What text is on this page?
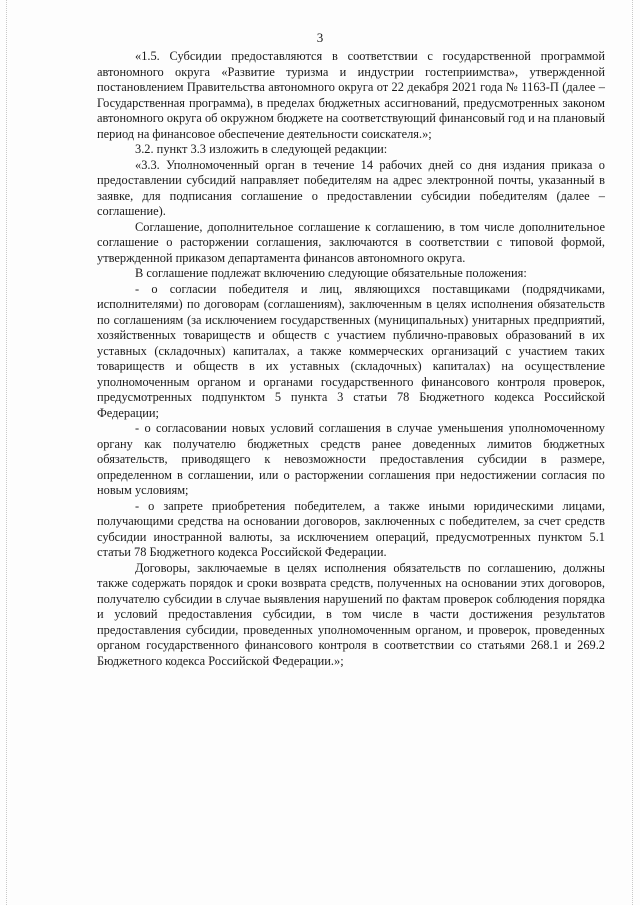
3

«1.5. Субсидии предоставляются в соответствии с государственной программой автономного округа «Развитие туризма и индустрии гостеприимства», утвержденной постановлением Правительства автономного округа от 22 декабря 2021 года № 1163-П (далее – Государственная программа), в пределах бюджетных ассигнований, предусмотренных законом автономного округа об окружном бюджете на соответствующий финансовый год и на плановый период на финансовое обеспечение деятельности соискателя.»;

3.2. пункт 3.3 изложить в следующей редакции:

«3.3. Уполномоченный орган в течение 14 рабочих дней со дня издания приказа о предоставлении субсидий направляет победителям на адрес электронной почты, указанный в заявке, для подписания соглашение о предоставлении субсидии победителям (далее – соглашение).

Соглашение, дополнительное соглашение к соглашению, в том числе дополнительное соглашение о расторжении соглашения, заключаются в соответствии с типовой формой, утвержденной приказом департамента финансов автономного округа.

В соглашение подлежат включению следующие обязательные положения:

- о согласии победителя и лиц, являющихся поставщиками (подрядчиками, исполнителями) по договорам (соглашениям), заключенным в целях исполнения обязательств по соглашениям (за исключением государственных (муниципальных) унитарных предприятий, хозяйственных товариществ и обществ с участием публично-правовых образований в их уставных (складочных) капиталах, а также коммерческих организаций с участием таких товариществ и обществ в их уставных (складочных) капиталах) на осуществление уполномоченным органом и органами государственного финансового контроля проверок, предусмотренных подпунктом 5 пункта 3 статьи 78 Бюджетного кодекса Российской Федерации;

- о согласовании новых условий соглашения в случае уменьшения уполномоченному органу как получателю бюджетных средств ранее доведенных лимитов бюджетных обязательств, приводящего к невозможности предоставления субсидии в размере, определенном в соглашении, или о расторжении соглашения при недостижении согласия по новым условиям;

- о запрете приобретения победителем, а также иными юридическими лицами, получающими средства на основании договоров, заключенных с победителем, за счет средств субсидии иностранной валюты, за исключением операций, предусмотренных пунктом 5.1 статьи 78 Бюджетного кодекса Российской Федерации.

Договоры, заключаемые в целях исполнения обязательств по соглашению, должны также содержать порядок и сроки возврата средств, полученных на основании этих договоров, получателю субсидии в случае выявления нарушений по фактам проверок соблюдения порядка и условий предоставления субсидии, в том числе в части достижения результатов предоставления субсидии, проведенных уполномоченным органом, и проверок, проведенных органом государственного финансового контроля в соответствии со статьями 268.1 и 269.2 Бюджетного кодекса Российской Федерации.»;
